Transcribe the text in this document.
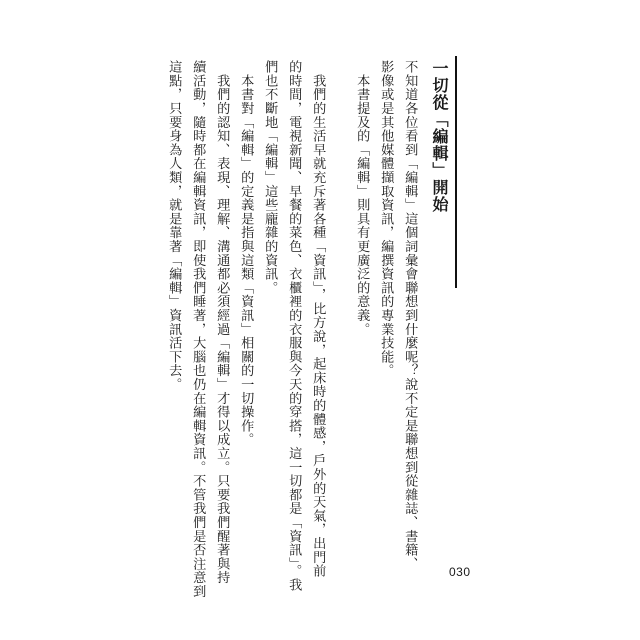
一切從「編輯」開始
不知道各位看到「編輯」這個詞彙會聯想到什麼呢？說不定是聯想到從雜誌、書籍、
影像或是其他媒體擷取資訊，編撰資訊的專業技能。
　本書提及的「編輯」則具有更廣泛的意義。
　我們的生活早就充斥著各種「資訊」，比方說，起床時的體感，戶外的天氣，出門前
的時間，電視新聞、早餐的菜色、衣櫃裡的衣服與今天的穿搭，這一切都是「資訊」。我
們也不斷地「編輯」這些龐雜的資訊。
　本書對「編輯」的定義是指與這類「資訊」相關的一切操作。
　我們的認知、表現、理解、溝通都必須經過「編輯」才得以成立。只要我們醒著與持
續活動，隨時都在編輯資訊，即使我們睡著，大腦也仍在編輯資訊。不管我們是否注意到
這點，只要身為人類，就是靠著「編輯」資訊活下去。
030
